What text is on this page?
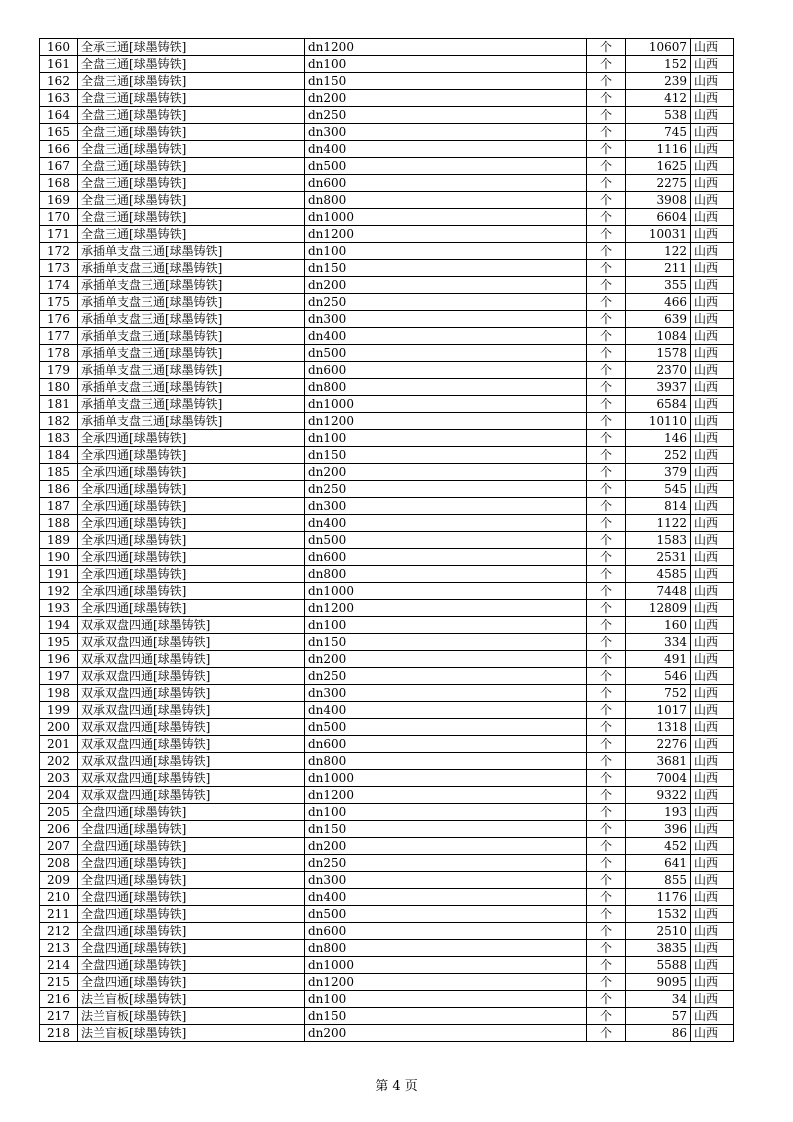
160	全承三通[球墨铸铁]	dn1200	个	10607	山西
161	全盘三通[球墨铸铁]	dn100	个	152	山西
162	全盘三通[球墨铸铁]	dn150	个	239	山西
163	全盘三通[球墨铸铁]	dn200	个	412	山西
164	全盘三通[球墨铸铁]	dn250	个	538	山西
165	全盘三通[球墨铸铁]	dn300	个	745	山西
166	全盘三通[球墨铸铁]	dn400	个	1116	山西
167	全盘三通[球墨铸铁]	dn500	个	1625	山西
168	全盘三通[球墨铸铁]	dn600	个	2275	山西
169	全盘三通[球墨铸铁]	dn800	个	3908	山西
170	全盘三通[球墨铸铁]	dn1000	个	6604	山西
171	全盘三通[球墨铸铁]	dn1200	个	10031	山西
172	承插单支盘三通[球墨铸铁]	dn100	个	122	山西
173	承插单支盘三通[球墨铸铁]	dn150	个	211	山西
174	承插单支盘三通[球墨铸铁]	dn200	个	355	山西
175	承插单支盘三通[球墨铸铁]	dn250	个	466	山西
176	承插单支盘三通[球墨铸铁]	dn300	个	639	山西
177	承插单支盘三通[球墨铸铁]	dn400	个	1084	山西
178	承插单支盘三通[球墨铸铁]	dn500	个	1578	山西
179	承插单支盘三通[球墨铸铁]	dn600	个	2370	山西
180	承插单支盘三通[球墨铸铁]	dn800	个	3937	山西
181	承插单支盘三通[球墨铸铁]	dn1000	个	6584	山西
182	承插单支盘三通[球墨铸铁]	dn1200	个	10110	山西
183	全承四通[球墨铸铁]	dn100	个	146	山西
184	全承四通[球墨铸铁]	dn150	个	252	山西
185	全承四通[球墨铸铁]	dn200	个	379	山西
186	全承四通[球墨铸铁]	dn250	个	545	山西
187	全承四通[球墨铸铁]	dn300	个	814	山西
188	全承四通[球墨铸铁]	dn400	个	1122	山西
189	全承四通[球墨铸铁]	dn500	个	1583	山西
190	全承四通[球墨铸铁]	dn600	个	2531	山西
191	全承四通[球墨铸铁]	dn800	个	4585	山西
192	全承四通[球墨铸铁]	dn1000	个	7448	山西
193	全承四通[球墨铸铁]	dn1200	个	12809	山西
194	双承双盘四通[球墨铸铁]	dn100	个	160	山西
195	双承双盘四通[球墨铸铁]	dn150	个	334	山西
196	双承双盘四通[球墨铸铁]	dn200	个	491	山西
197	双承双盘四通[球墨铸铁]	dn250	个	546	山西
198	双承双盘四通[球墨铸铁]	dn300	个	752	山西
199	双承双盘四通[球墨铸铁]	dn400	个	1017	山西
200	双承双盘四通[球墨铸铁]	dn500	个	1318	山西
201	双承双盘四通[球墨铸铁]	dn600	个	2276	山西
202	双承双盘四通[球墨铸铁]	dn800	个	3681	山西
203	双承双盘四通[球墨铸铁]	dn1000	个	7004	山西
204	双承双盘四通[球墨铸铁]	dn1200	个	9322	山西
205	全盘四通[球墨铸铁]	dn100	个	193	山西
206	全盘四通[球墨铸铁]	dn150	个	396	山西
207	全盘四通[球墨铸铁]	dn200	个	452	山西
208	全盘四通[球墨铸铁]	dn250	个	641	山西
209	全盘四通[球墨铸铁]	dn300	个	855	山西
210	全盘四通[球墨铸铁]	dn400	个	1176	山西
211	全盘四通[球墨铸铁]	dn500	个	1532	山西
212	全盘四通[球墨铸铁]	dn600	个	2510	山西
213	全盘四通[球墨铸铁]	dn800	个	3835	山西
214	全盘四通[球墨铸铁]	dn1000	个	5588	山西
215	全盘四通[球墨铸铁]	dn1200	个	9095	山西
216	法兰盲板[球墨铸铁]	dn100	个	34	山西
217	法兰盲板[球墨铸铁]	dn150	个	57	山西
218	法兰盲板[球墨铸铁]	dn200	个	86	山西
第 4 页
